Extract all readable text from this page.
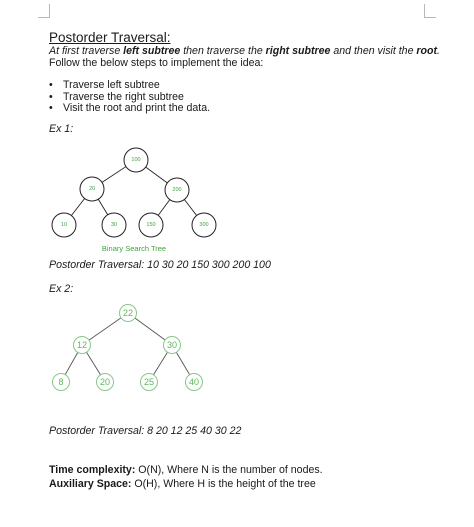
Postorder Traversal:
At first traverse left subtree then traverse the right subtree and then visit the root.
Follow the below steps to implement the idea:
• Traverse left subtree
• Traverse the right subtree
• Visit the root and print the data.
Ex 1:
100
20	200
10	30	150	300
Binary Search Tree
22
12	30
8	20	25	40
Postorder Traversal: 10 30 20 150 300 200 100
Ex 2:
Postorder Traversal: 8 20 12 25 40 30 22
Time complexity: O(N), Where N is the number of nodes.
Auxiliary Space: O(H), Where H is the height of the tree
